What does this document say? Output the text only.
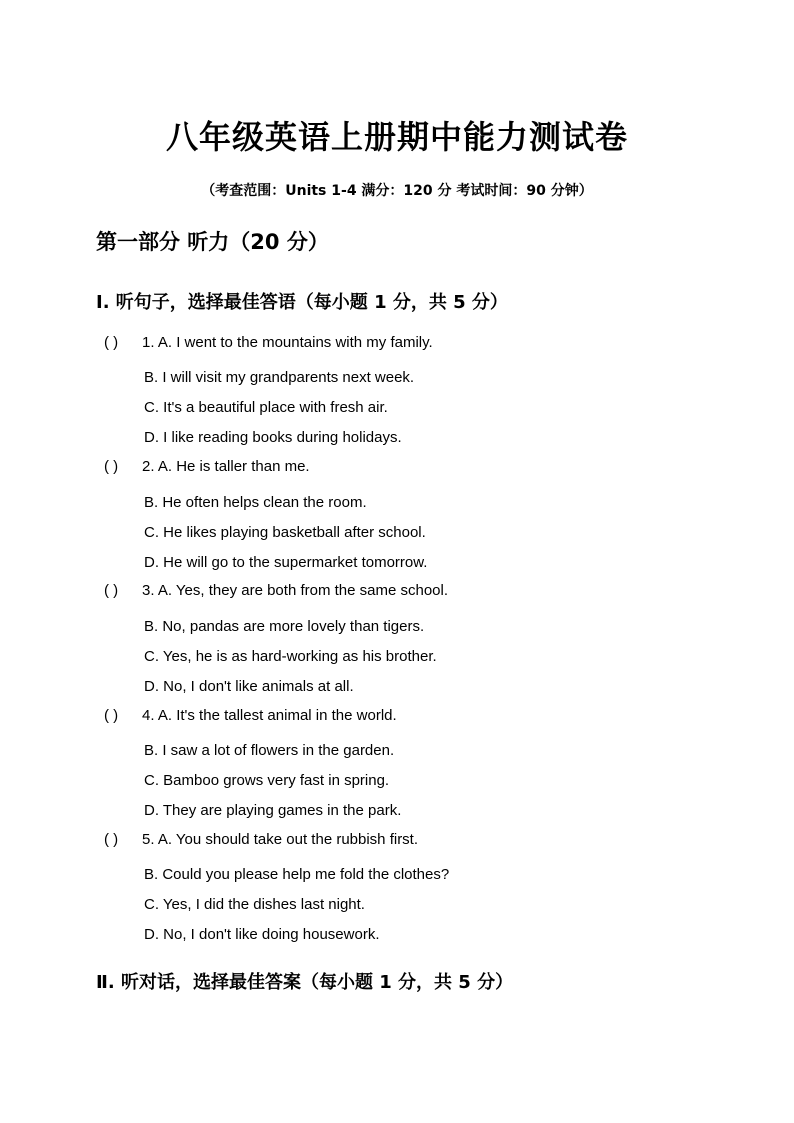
八年级英语上册期中能力测试卷
（考查范围：Units 1-4 满分：120 分 考试时间：90 分钟）
第一部分 听力（20 分）
Ⅰ. 听句子，选择最佳答语（每小题 1 分，共 5 分）
( ) 1. A. I went to the mountains with my family.
B. I will visit my grandparents next week.
C. It's a beautiful place with fresh air.
D. I like reading books during holidays.
( ) 2. A. He is taller than me.
B. He often helps clean the room.
C. He likes playing basketball after school.
D. He will go to the supermarket tomorrow.
( ) 3. A. Yes, they are both from the same school.
B. No, pandas are more lovely than tigers.
C. Yes, he is as hard-working as his brother.
D. No, I don't like animals at all.
( ) 4. A. It's the tallest animal in the world.
B. I saw a lot of flowers in the garden.
C. Bamboo grows very fast in spring.
D. They are playing games in the park.
( ) 5. A. You should take out the rubbish first.
B. Could you please help me fold the clothes?
C. Yes, I did the dishes last night.
D. No, I don't like doing housework.
Ⅱ. 听对话，选择最佳答案（每小题 1 分，共 5 分）
